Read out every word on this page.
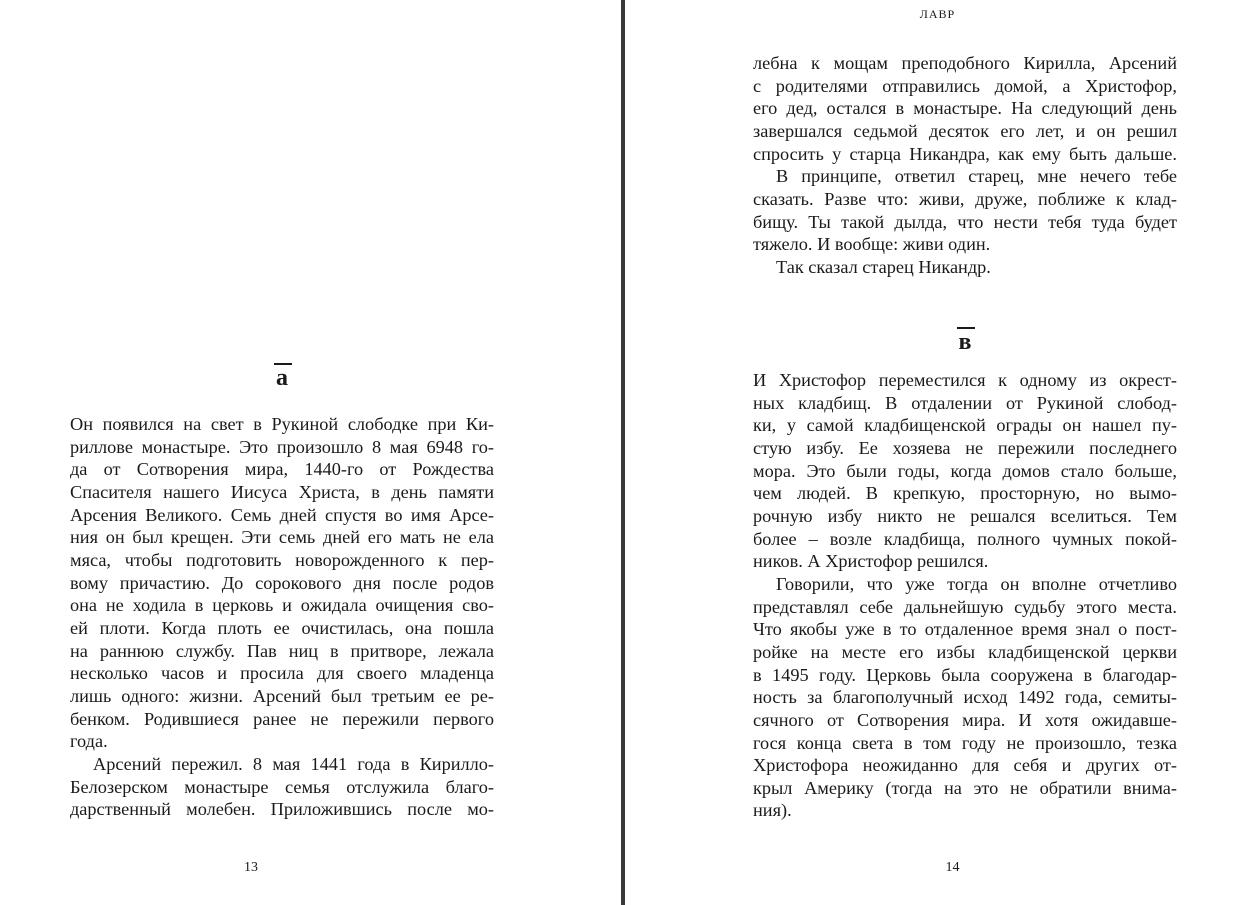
а

Он появился на свет в Рукиной слободке при Ки-

риллове монастыре. Это произошло 8 мая 6948 го-

да от Сотворения мира, 1440-го от Рождества

Спасителя нашего Иисуса Христа, в день памяти

Арсения Великого. Семь дней спустя во имя Арсе-

ния он был крещен. Эти семь дней его мать не ела

мяса, чтобы подготовить новорожденного к пер-

вому причастию. До сорокового дня после родов

она не ходила в церковь и ожидала очищения сво-

ей плоти. Когда плоть ее очистилась, она пошла

на раннюю службу. Пав ниц в притворе, лежала

несколько часов и просила для своего младенца

лишь одного: жизни. Арсений был третьим ее ре-

бенком. Родившиеся ранее не пережили первого

года.

Арсений пережил. 8 мая 1441 года в Кирилло-

Белозерском монастыре семья отслужила благо-

дарственный молебен. Приложившись после мо-

13
ЛАВР

лебна к мощам преподобного Кирилла, Арсений

с родителями отправились домой, а Христофор,

его дед, остался в монастыре. На следующий день

завершался седьмой десяток его лет, и он решил

спросить у старца Никандра, как ему быть дальше.

В принципе, ответил старец, мне нечего тебе

сказать. Разве что: живи, друже, поближе к клад-

бищу. Ты такой дылда, что нести тебя туда будет

тяжело. И вообще: живи один.

Так сказал старец Никандр.

в

И Христофор переместился к одному из окрест-

ных кладбищ. В отдалении от Рукиной слобод-

ки, у самой кладбищенской ограды он нашел пу-

стую избу. Ее хозяева не пережили последнего

мора. Это были годы, когда домов стало больше,

чем людей. В крепкую, просторную, но вымо-

рочную избу никто не решался вселиться. Тем

более – возле кладбища, полного чумных покой-

ников. А Христофор решился.

Говорили, что уже тогда он вполне отчетливо

представлял себе дальнейшую судьбу этого места.

Что якобы уже в то отдаленное время знал о пост-

ройке на месте его избы кладбищенской церкви

в 1495 году. Церковь была сооружена в благодар-

ность за благополучный исход 1492 года, семиты-

сячного от Сотворения мира. И хотя ожидавше-

гося конца света в том году не произошло, тезка

Христофора неожиданно для себя и других от-

крыл Америку (тогда на это не обратили внима-

ния).

14
